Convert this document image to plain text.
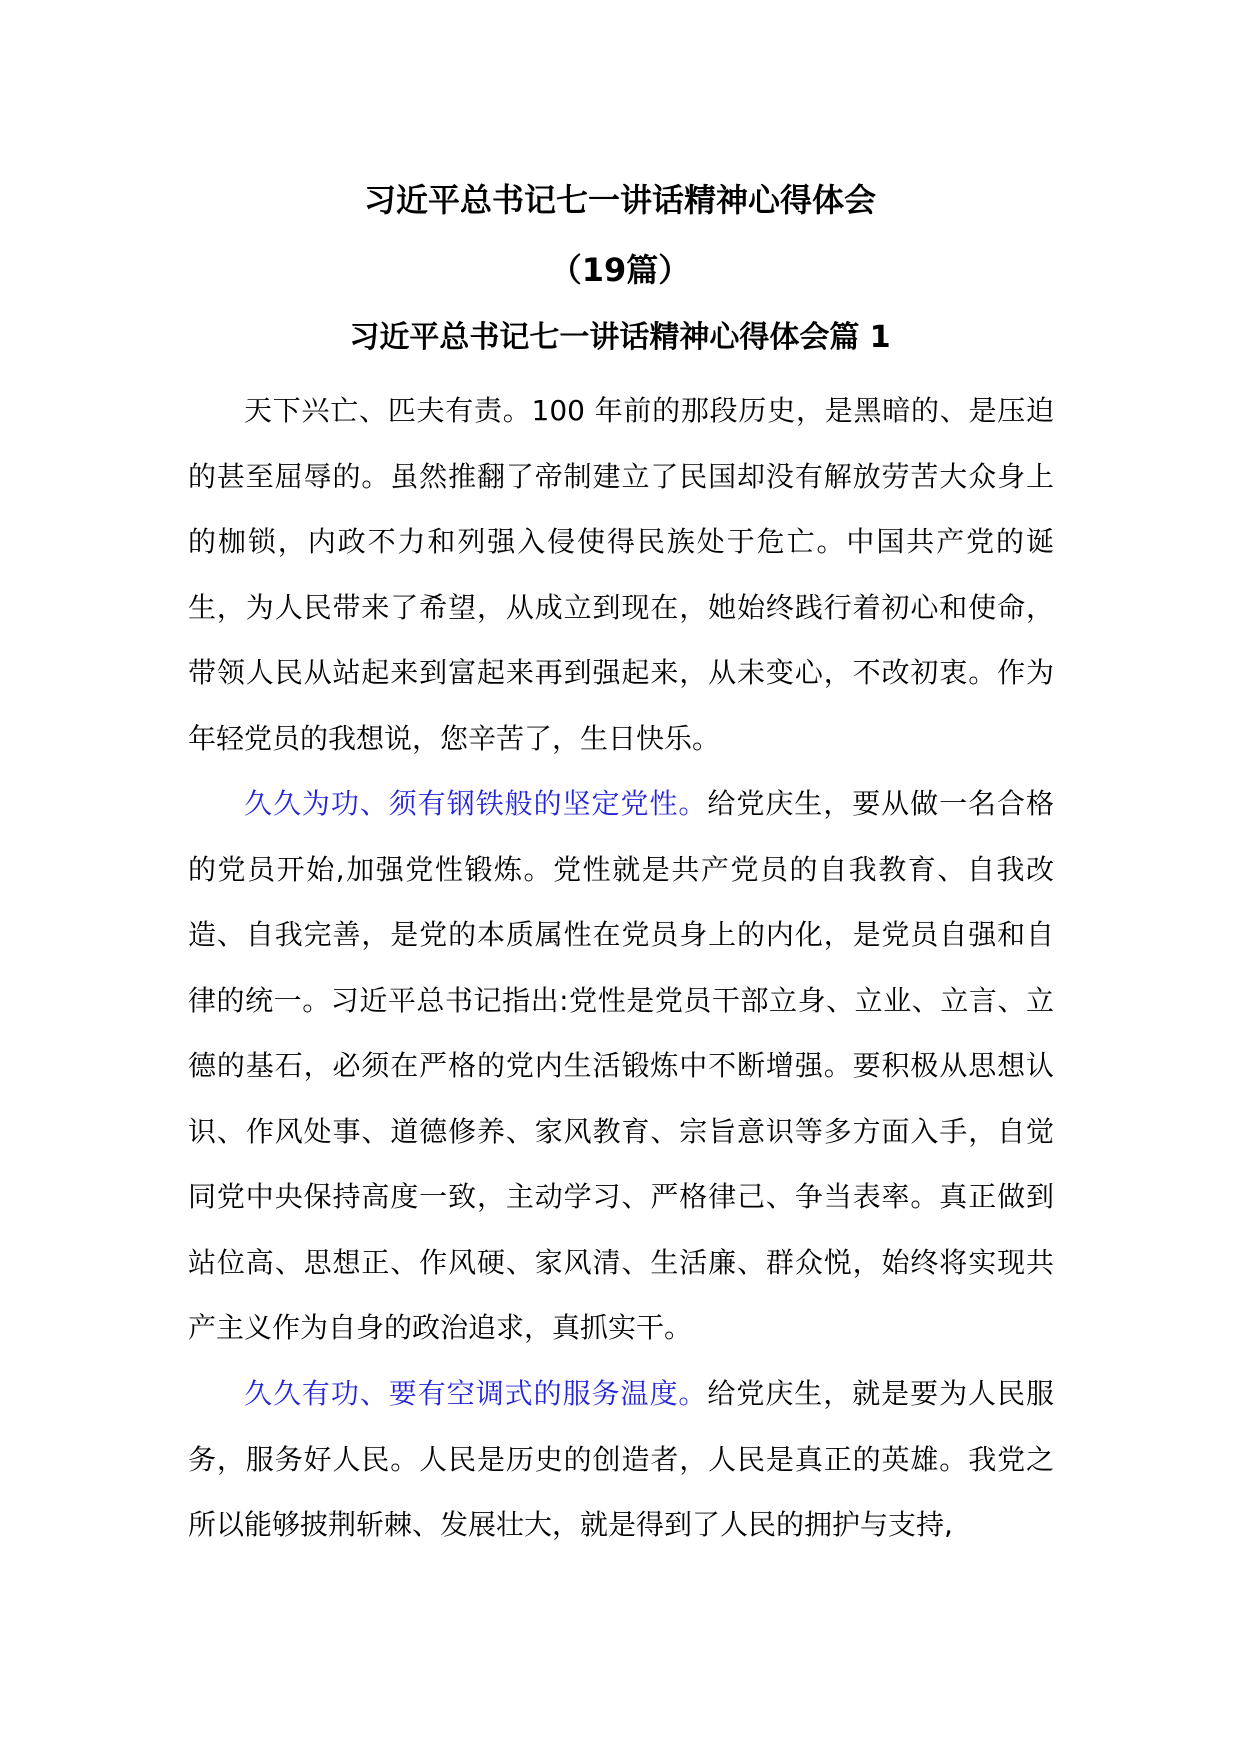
习近平总书记七一讲话精神心得体会
（19篇）
习近平总书记七一讲话精神心得体会篇 1

天下兴亡、匹夫有责。100 年前的那段历史，是黑暗的、是压迫的甚至屈辱的。虽然推翻了帝制建立了民国却没有解放劳苦大众身上的枷锁，内政不力和列强入侵使得民族处于危亡。中国共产党的诞生，为人民带来了希望，从成立到现在，她始终践行着初心和使命，带领人民从站起来到富起来再到强起来，从未变心，不改初衷。作为年轻党员的我想说，您辛苦了，生日快乐。

久久为功、须有钢铁般的坚定党性。给党庆生，要从做一名合格的党员开始,加强党性锻炼。党性就是共产党员的自我教育、自我改造、自我完善，是党的本质属性在党员身上的内化，是党员自强和自律的统一。习近平总书记指出:党性是党员干部立身、立业、立言、立德的基石，必须在严格的党内生活锻炼中不断增强。要积极从思想认识、作风处事、道德修养、家风教育、宗旨意识等多方面入手，自觉同党中央保持高度一致，主动学习、严格律己、争当表率。真正做到站位高、思想正、作风硬、家风清、生活廉、群众悦，始终将实现共产主义作为自身的政治追求，真抓实干。

久久有功、要有空调式的服务温度。给党庆生，就是要为人民服务，服务好人民。人民是历史的创造者，人民是真正的英雄。我党之所以能够披荆斩棘、发展壮大，就是得到了人民的拥护与支持,
